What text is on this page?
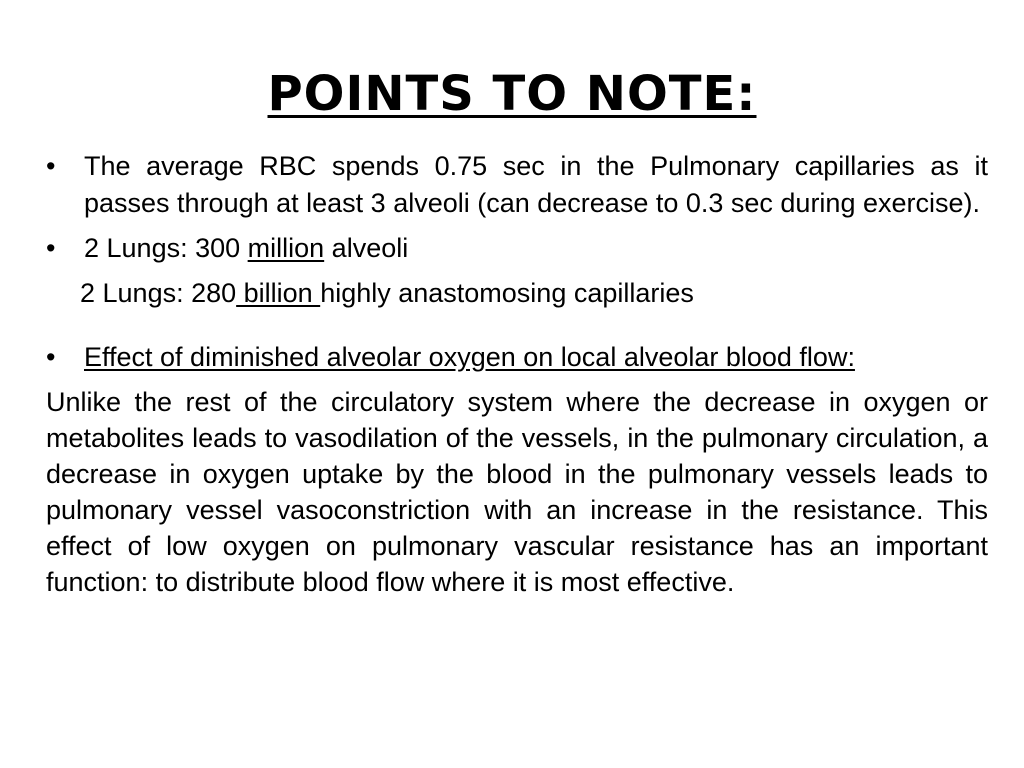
POINTS TO NOTE:

• The average RBC spends 0.75 sec in the Pulmonary capillaries as it passes through at least 3 alveoli (can decrease to 0.3 sec during exercise).

• 2 Lungs: 300 million alveoli

2 Lungs: 280 billion highly anastomosing capillaries

• Effect of diminished alveolar oxygen on local alveolar blood flow:

Unlike the rest of the circulatory system where the decrease in oxygen or metabolites leads to vasodilation of the vessels, in the pulmonary circulation, a decrease in oxygen uptake by the blood in the pulmonary vessels leads to pulmonary vessel vasoconstriction with an increase in the resistance. This effect of low oxygen on pulmonary vascular resistance has an important function: to distribute blood flow where it is most effective.
